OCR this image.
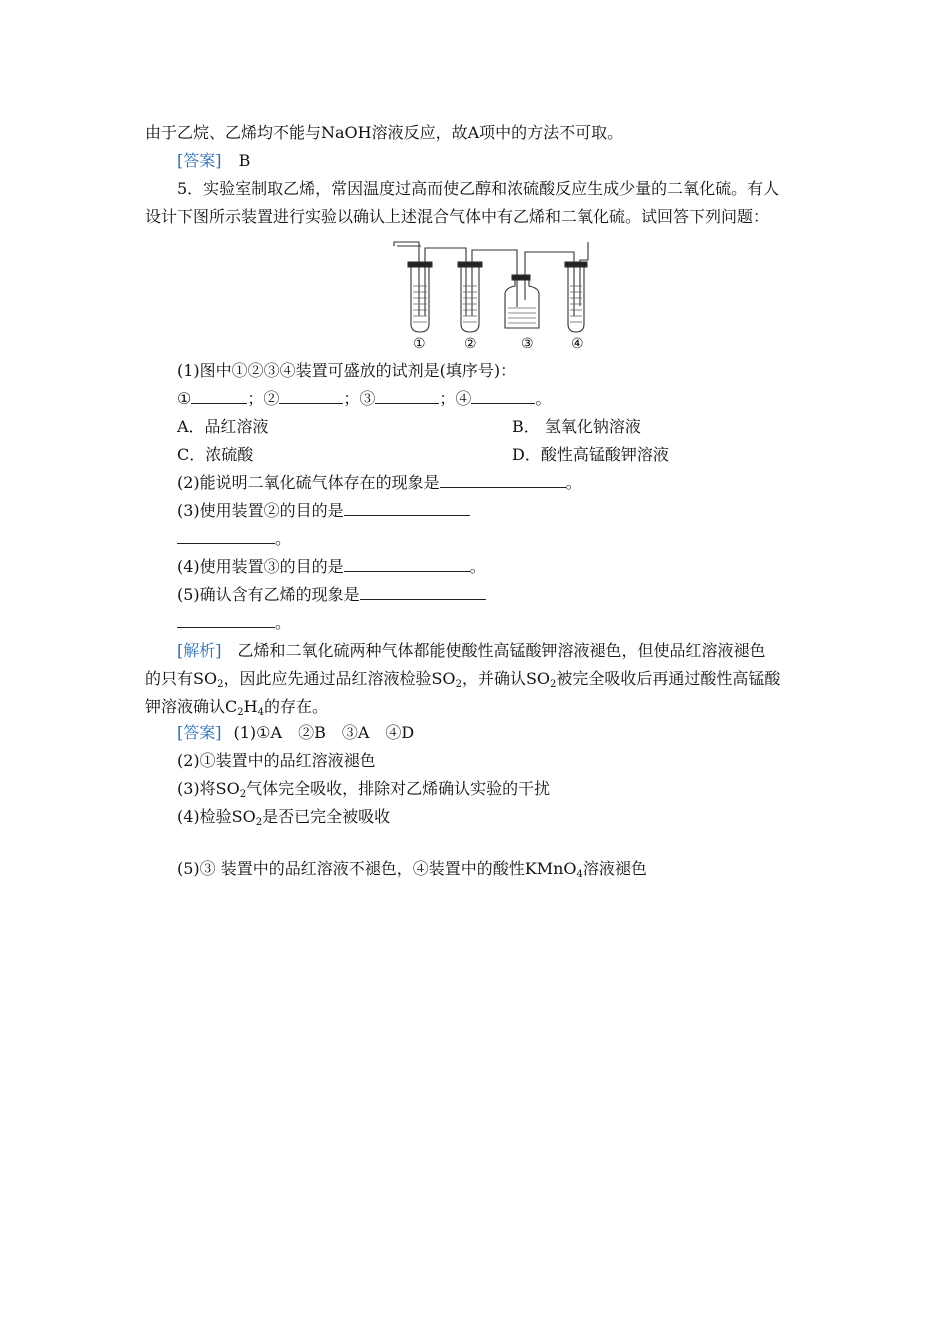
由于乙烷、乙烯均不能与NaOH溶液反应，故A项中的方法不可取。
[答案] B
5．实验室制取乙烯，常因温度过高而使乙醇和浓硫酸反应生成少量的二氧化硫。有人
设计下图所示装置进行实验以确认上述混合气体中有乙烯和二氧化硫。试回答下列问题：
①	②	③	④
(1)图中①②③④装置可盛放的试剂是(填序号)：
①	；②	；③	；④	。
A．品红溶液	B． 氢氧化钠溶液
C．浓硫酸	D．酸性高锰酸钾溶液
(2)能说明二氧化硫气体存在的现象是	。
(3)使用装置②的目的是
。
(4)使用装置③的目的是	。
(5)确认含有乙烯的现象是
。
[解析] 乙烯和二氧化硫两种气体都能使酸性高锰酸钾溶液褪色，但使品红溶液褪色
的只有$SO_2$，因此应先通过品红溶液检验$SO_2$，并确认$SO_2$被完全吸收后再通过酸性高锰酸
钾溶液确认$C_2H_4$的存在。
[答案] (1)①A　②B　③A　④D
(2)①装置中的品红溶液褪色
(3)将$SO_2$气体完全吸收，排除对乙烯确认实验的干扰
(4)检验$SO_2$是否已完全被吸收
(5)③ 装置中的品红溶液不褪色，④装置中的酸性KMnO$_4$溶液褪色
